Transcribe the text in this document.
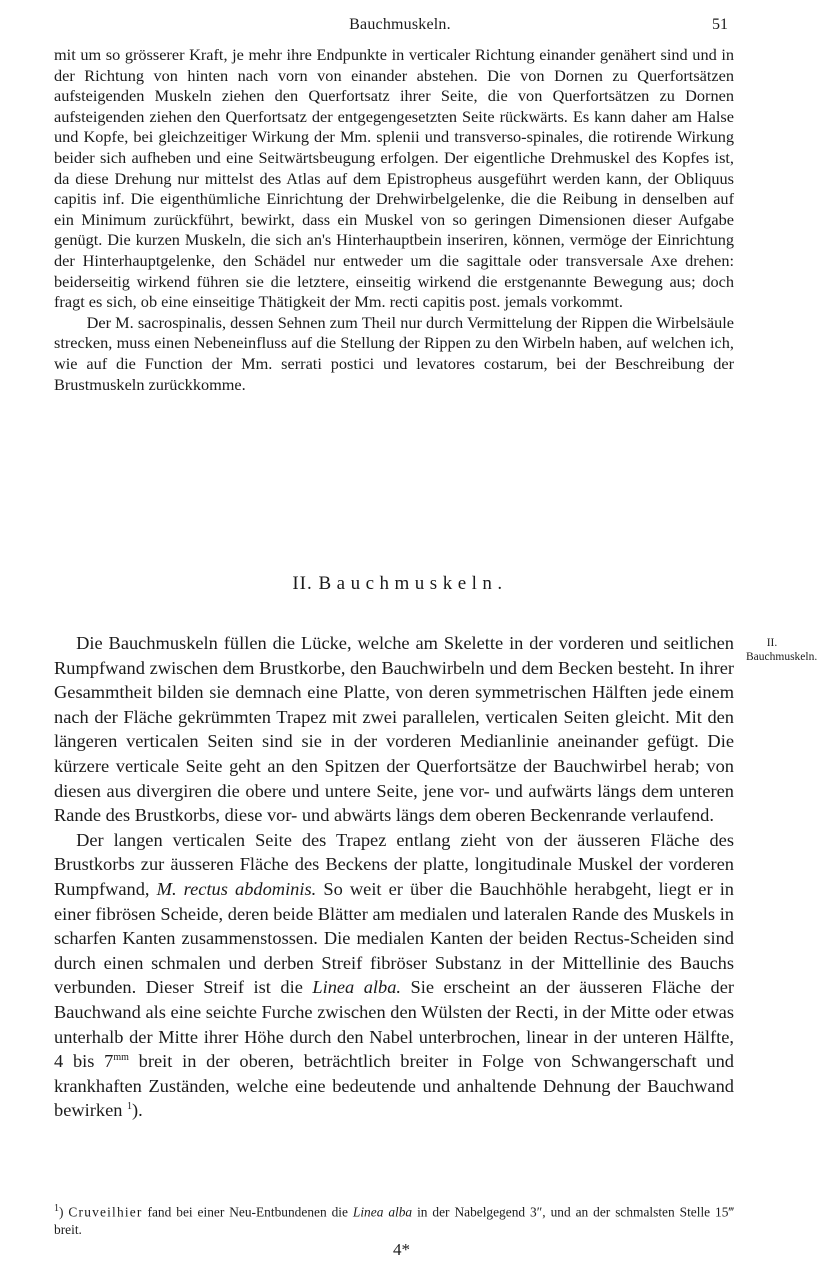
Bauchmuskeln.	51

mit um so grösserer Kraft, je mehr ihre Endpunkte in verticaler Richtung einander genähert sind und in der Richtung von hinten nach vorn von einander abstehen. Die von Dornen zu Querfortsätzen aufsteigenden Muskeln ziehen den Querfortsatz ihrer Seite, die von Querfortsätzen zu Dornen aufsteigenden ziehen den Querfortsatz der entgegengesetzten Seite rückwärts. Es kann daher am Halse und Kopfe, bei gleichzeitiger Wirkung der Mm. splenii und transverso-spinales, die rotirende Wirkung beider sich aufheben und eine Seitwärtsbeugung erfolgen. Der eigentliche Drehmuskel des Kopfes ist, da diese Drehung nur mittelst des Atlas auf dem Epistropheus ausgeführt werden kann, der Obliquus capitis inf. Die eigenthümliche Einrichtung der Drehwirbelgelenke, die die Reibung in denselben auf ein Minimum zurückführt, bewirkt, dass ein Muskel von so geringen Dimensionen dieser Aufgabe genügt. Die kurzen Muskeln, die sich an's Hinterhauptbein inseriren, können, vermöge der Einrichtung der Hinterhauptgelenke, den Schädel nur entweder um die sagittale oder transversale Axe drehen: beiderseitig wirkend führen sie die letztere, einseitig wirkend die erstgenannte Bewegung aus; doch fragt es sich, ob eine einseitige Thätigkeit der Mm. recti capitis post. jemals vorkommt.

Der M. sacrospinalis, dessen Sehnen zum Theil nur durch Vermittelung der Rippen die Wirbelsäule strecken, muss einen Nebeneinfluss auf die Stellung der Rippen zu den Wirbeln haben, auf welchen ich, wie auf die Function der Mm. serrati postici und levatores costarum, bei der Beschreibung der Brustmuskeln zurückkomme.

II. Bauchmuskeln.
II. Bauchmuskeln.

Die Bauchmuskeln füllen die Lücke, welche am Skelette in der vorderen und seitlichen Rumpfwand zwischen dem Brustkorbe, den Bauchwirbeln und dem Becken besteht. In ihrer Gesammtheit bilden sie demnach eine Platte, von deren symmetrischen Hälften jede einem nach der Fläche gekrümmten Trapez mit zwei parallelen, verticalen Seiten gleicht. Mit den längeren verticalen Seiten sind sie in der vorderen Medianlinie aneinander gefügt. Die kürzere verticale Seite geht an den Spitzen der Querfortsätze der Bauchwirbel herab; von diesen aus divergiren die obere und untere Seite, jene vor- und aufwärts längs dem unteren Rande des Brustkorbs, diese vor- und abwärts längs dem oberen Beckenrande verlaufend.

Der langen verticalen Seite des Trapez entlang zieht von der äusseren Fläche des Brustkorbs zur äusseren Fläche des Beckens der platte, longitudinale Muskel der vorderen Rumpfwand, M. rectus abdominis. So weit er über die Bauchhöhle herabgeht, liegt er in einer fibrösen Scheide, deren beide Blätter am medialen und lateralen Rande des Muskels in scharfen Kanten zusammenstossen. Die medialen Kanten der beiden Rectus-Scheiden sind durch einen schmalen und derben Streif fibröser Substanz in der Mittellinie des Bauchs verbunden. Dieser Streif ist die Linea alba. Sie erscheint an der äusseren Fläche der Bauchwand als eine seichte Furche zwischen den Wülsten der Recti, in der Mitte oder etwas unterhalb der Mitte ihrer Höhe durch den Nabel unterbrochen, linear in der unteren Hälfte, 4 bis $7^{mm}$ breit in der oberen, beträchtlich breiter in Folge von Schwangerschaft und krankhaften Zuständen, welche eine bedeutende und anhaltende Dehnung der Bauchwand bewirken $^1$).

$^1$) Cruveilhier fand bei einer Neu-Entbundenen die Linea alba in der Nabelgegend 3″, und an der schmalsten Stelle 15‴ breit.
4*
